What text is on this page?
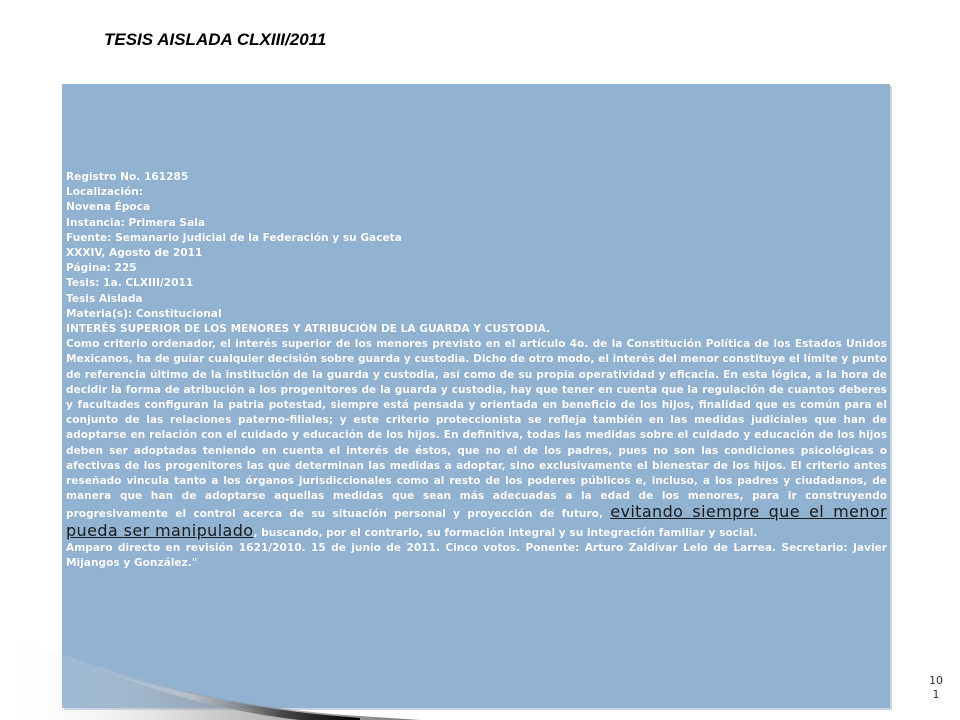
TESIS AISLADA CLXIII/2011
Registro No. 161285
Localización:
Novena Época
Instancia: Primera Sala
Fuente: Semanario Judicial de la Federación y su Gaceta
XXXIV, Agosto de 2011
Página: 225
Tesis: 1a. CLXIII/2011
Tesis Aislada
Materia(s): Constitucional
INTERÉS SUPERIOR DE LOS MENORES Y ATRIBUCIÓN DE LA GUARDA Y CUSTODIA.

Como criterio ordenador, el interés superior de los menores previsto en el artículo 4o. de la Constitución Política de los Estados Unidos Mexicanos, ha de guiar cualquier decisión sobre guarda y custodia. Dicho de otro modo, el interés del menor constituye el límite y punto de referencia último de la institución de la guarda y custodia, así como de su propia operatividad y eficacia. En esta lógica, a la hora de decidir la forma de atribución a los progenitores de la guarda y custodia, hay que tener en cuenta que la regulación de cuantos deberes y facultades configuran la patria potestad, siempre está pensada y orientada en beneficio de los hijos, finalidad que es común para el conjunto de las relaciones paterno-filiales; y este criterio proteccionista se refleja también en las medidas judiciales que han de adoptarse en relación con el cuidado y educación de los hijos. En definitiva, todas las medidas sobre el cuidado y educación de los hijos deben ser adoptadas teniendo en cuenta el interés de éstos, que no el de los padres, pues no son las condiciones psicológicas o afectivas de los progenitores las que determinan las medidas a adoptar, sino exclusivamente el bienestar de los hijos. El criterio antes reseñado vincula tanto a los órganos jurisdiccionales como al resto de los poderes públicos e, incluso, a los padres y ciudadanos, de manera que han de adoptarse aquellas medidas que sean más adecuadas a la edad de los menores, para ir construyendo progresivamente el control acerca de su situación personal y proyección de futuro, evitando siempre que el menor pueda ser manipulado, buscando, por el contrario, su formación integral y su integración familiar y social.

Amparo directo en revisión 1621/2010. 15 de junio de 2011. Cinco votos. Ponente: Arturo Zaldívar Lelo de Larrea. Secretario: Javier Mijangos y González."

10
1
